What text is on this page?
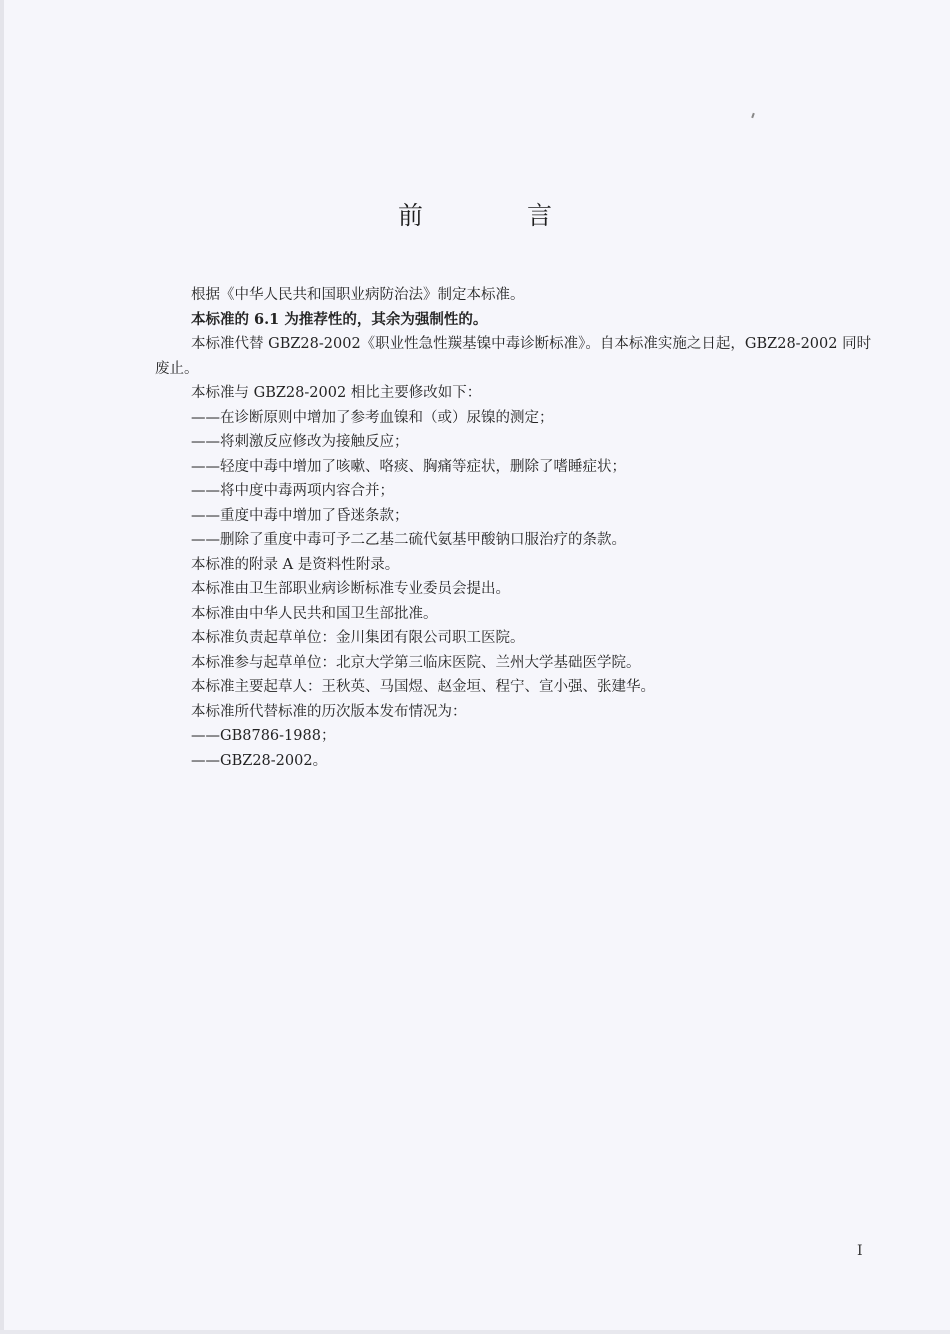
前 言

根据《中华人民共和国职业病防治法》制定本标准。

本标准的 6.1 为推荐性的，其余为强制性的。

本标准代替 GBZ28-2002《职业性急性羰基镍中毒诊断标准》。自本标准实施之日起，GBZ28-2002 同时废止。

本标准与 GBZ28-2002 相比主要修改如下：

——在诊断原则中增加了参考血镍和（或）尿镍的测定；

——将刺激反应修改为接触反应；

——轻度中毒中增加了咳嗽、咯痰、胸痛等症状，删除了嗜睡症状；

——将中度中毒两项内容合并；

——重度中毒中增加了昏迷条款；

——删除了重度中毒可予二乙基二硫代氨基甲酸钠口服治疗的条款。

本标准的附录 A 是资料性附录。

本标准由卫生部职业病诊断标准专业委员会提出。

本标准由中华人民共和国卫生部批准。

本标准负责起草单位：金川集团有限公司职工医院。

本标准参与起草单位：北京大学第三临床医院、兰州大学基础医学院。

本标准主要起草人：王秋英、马国煜、赵金垣、程宁、宣小强、张建华。

本标准所代替标准的历次版本发布情况为：

——GB8786-1988；

——GBZ28-2002。

I
